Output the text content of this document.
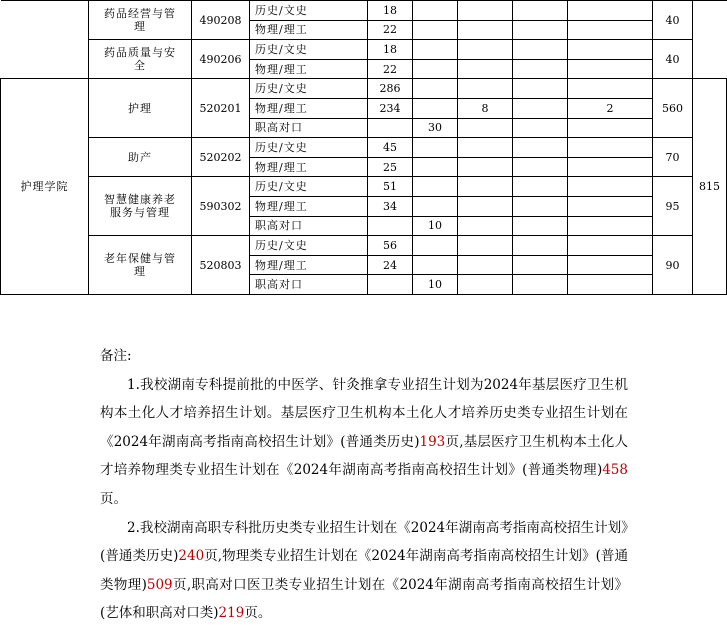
	药品经营与管理	490208	历史/文史	18					40	
			物理/理工	22						
	药品质量与安全	490206	历史/文史	18					40	
			物理/理工	22						
护理学院	护理	520201	历史/文史	286					560	815
			物理/理工	234		8		2		
			职高对口		30					
	助产	520202	历史/文史	45					70	
			物理/理工	25						
	智慧健康养老服务与管理	590302	历史/文史	51					95	
			物理/理工	34						
			职高对口		10					
	老年保健与管理	520803	历史/文史	56					90	
			物理/理工	24						
			职高对口		10					

备注:

1.我校湖南专科提前批的中医学、针灸推拿专业招生计划为2024年基层医疗卫生机构本土化人才培养招生计划。基层医疗卫生机构本土化人才培养历史类专业招生计划在《2024年湖南高考指南高校招生计划》(普通类历史)193页,基层医疗卫生机构本土化人才培养物理类专业招生计划在《2024年湖南高考指南高校招生计划》(普通类物理)458页。

2.我校湖南高职专科批历史类专业招生计划在《2024年湖南高考指南高校招生计划》(普通类历史)240页,物理类专业招生计划在《2024年湖南高考指南高校招生计划》(普通类物理)509页,职高对口医卫类专业招生计划在《2024年湖南高考指南高校招生计划》(艺体和职高对口类)219页。
